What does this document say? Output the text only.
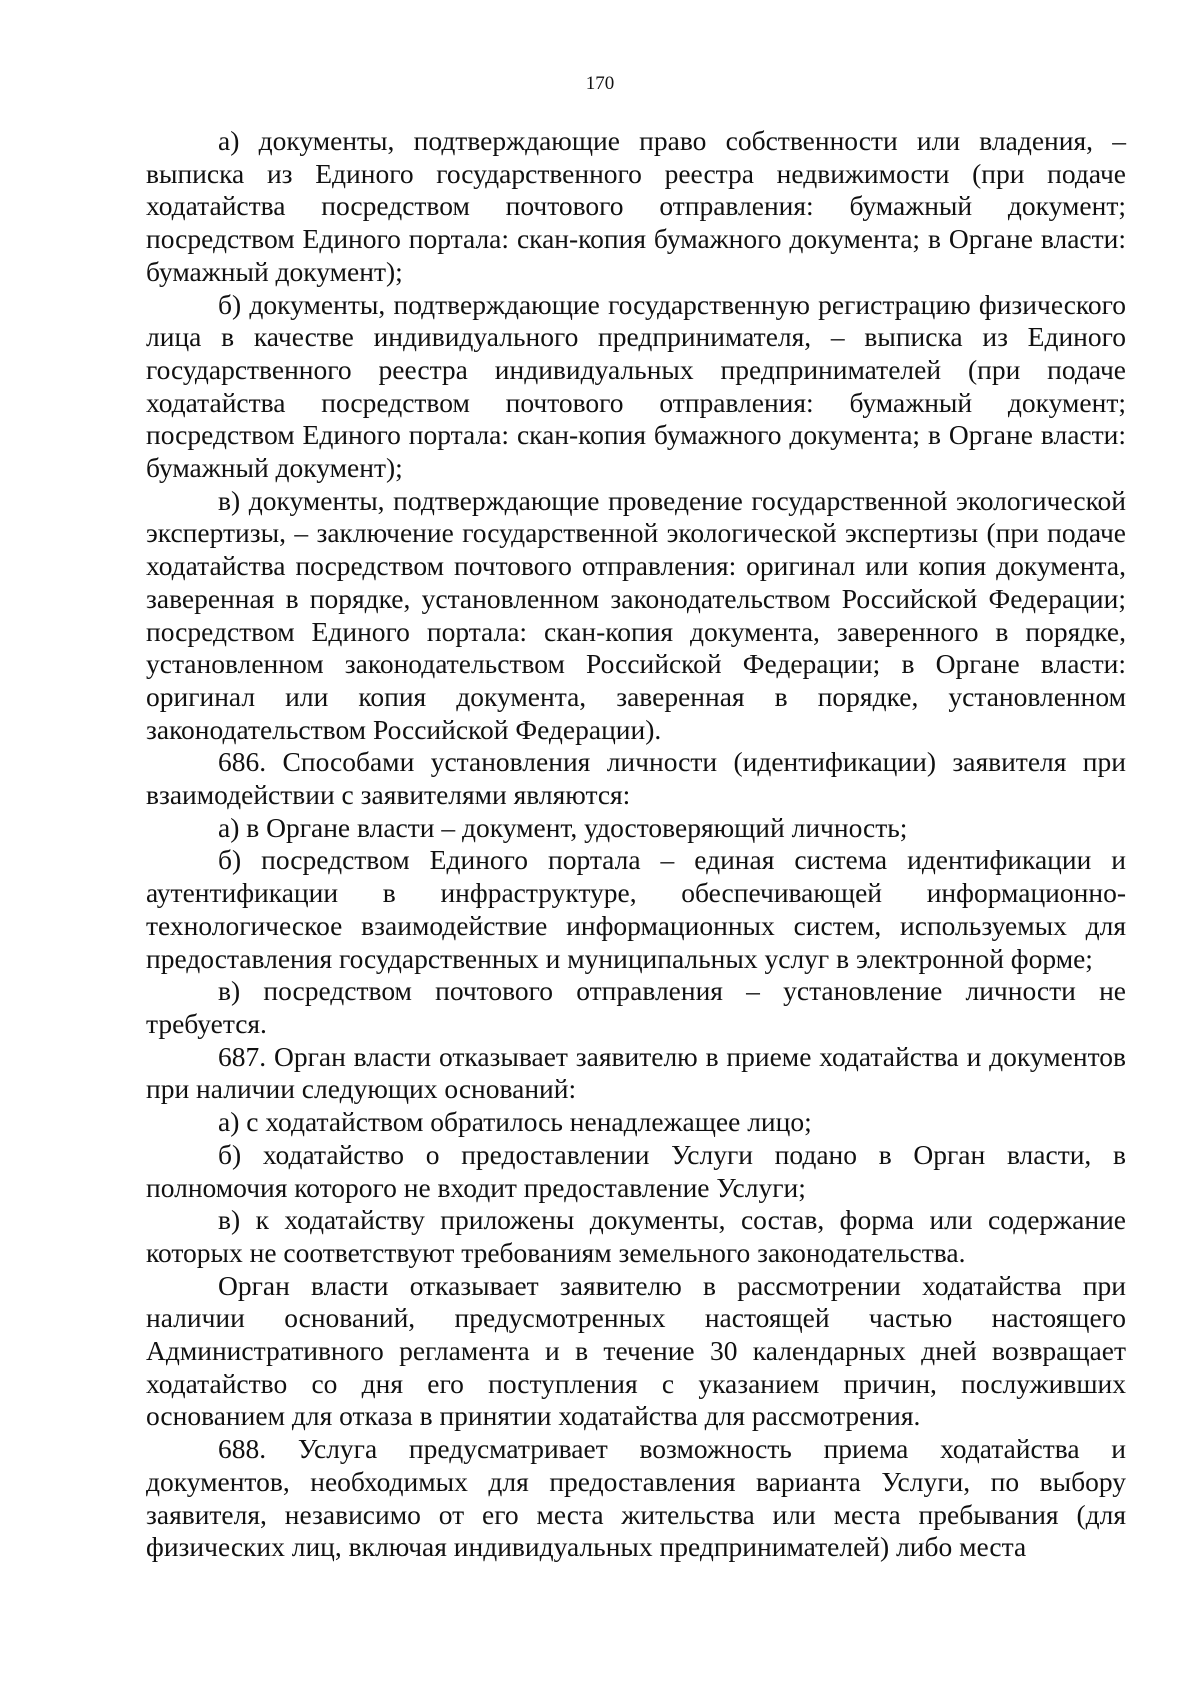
170

а) документы, подтверждающие право собственности или владения, – выписка из Единого государственного реестра недвижимости (при подаче ходатайства посредством почтового отправления: бумажный документ; посредством Единого портала: скан-копия бумажного документа; в Органе власти: бумажный документ);

б) документы, подтверждающие государственную регистрацию физического лица в качестве индивидуального предпринимателя, – выписка из Единого государственного реестра индивидуальных предпринимателей (при подаче ходатайства посредством почтового отправления: бумажный документ; посредством Единого портала: скан-копия бумажного документа; в Органе власти: бумажный документ);

в) документы, подтверждающие проведение государственной экологической экспертизы, – заключение государственной экологической экспертизы (при подаче ходатайства посредством почтового отправления: оригинал или копия документа, заверенная в порядке, установленном законодательством Российской Федерации; посредством Единого портала: скан-копия документа, заверенного в порядке, установленном законодательством Российской Федерации; в Органе власти: оригинал или копия документа, заверенная в порядке, установленном законодательством Российской Федерации).

686. Способами установления личности (идентификации) заявителя при взаимодействии с заявителями являются:

а) в Органе власти – документ, удостоверяющий личность;

б) посредством Единого портала – единая система идентификации и аутентификации в инфраструктуре, обеспечивающей информационно-технологическое взаимодействие информационных систем, используемых для предоставления государственных и муниципальных услуг в электронной форме;

в) посредством почтового отправления – установление личности не требуется.

687. Орган власти отказывает заявителю в приеме ходатайства и документов при наличии следующих оснований:

а) с ходатайством обратилось ненадлежащее лицо;

б) ходатайство о предоставлении Услуги подано в Орган власти, в полномочия которого не входит предоставление Услуги;

в) к ходатайству приложены документы, состав, форма или содержание которых не соответствуют требованиям земельного законодательства.

Орган власти отказывает заявителю в рассмотрении ходатайства при наличии оснований, предусмотренных настоящей частью настоящего Административного регламента и в течение 30 календарных дней возвращает ходатайство со дня его поступления с указанием причин, послуживших основанием для отказа в принятии ходатайства для рассмотрения.

688. Услуга предусматривает возможность приема ходатайства и документов, необходимых для предоставления варианта Услуги, по выбору заявителя, независимо от его места жительства или места пребывания (для физических лиц, включая индивидуальных предпринимателей) либо места
